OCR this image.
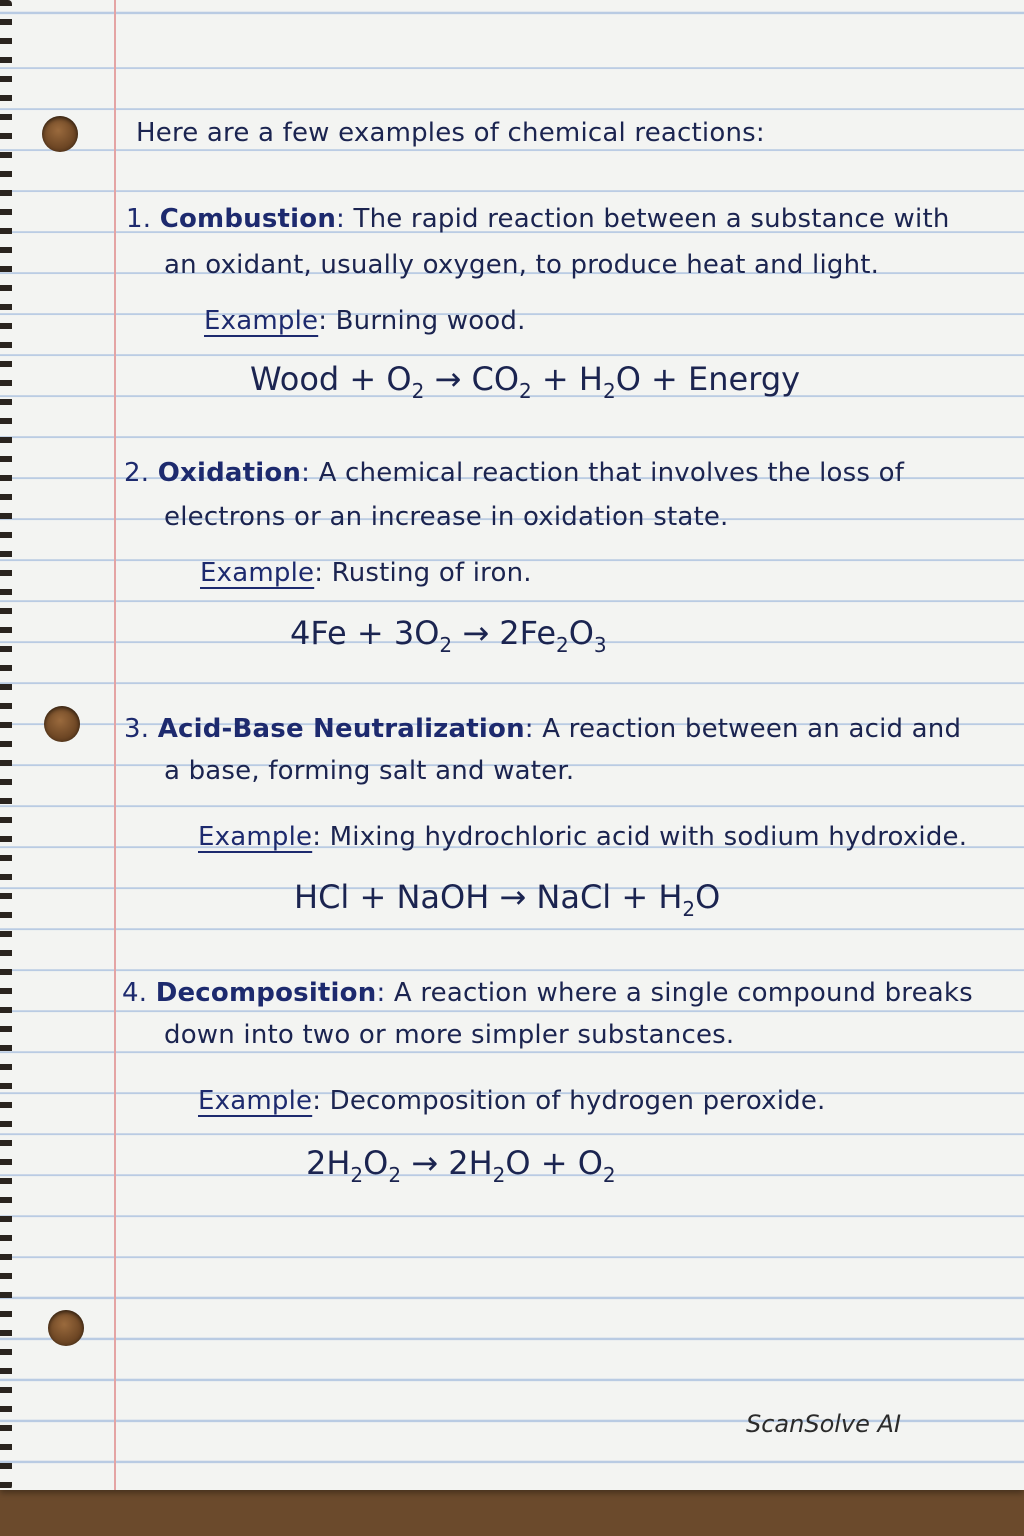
Here are a few examples of chemical reactions:
1. Combustion: The rapid reaction between a substance with
an oxidant, usually oxygen, to produce heat and light.
Example: Burning wood.
Wood + $O_2 \to CO_2 + H_2O$ + Energy
2. Oxidation: A chemical reaction that involves the loss of
electrons or an increase in oxidation state.
Example: Rusting of iron.
$4Fe + 3O_2 \to 2Fe_2O_3$
3. Acid-Base Neutralization: A reaction between an acid and
a base, forming salt and water.
Example: Mixing hydrochloric acid with sodium hydroxide.
HCl + NaOH → NaCl + $H_2O$
4. Decomposition: A reaction where a single compound breaks
down into two or more simpler substances.
Example: Decomposition of hydrogen peroxide.
$2H_2O_2 \to 2H_2O + O_2$
ScanSolve AI
